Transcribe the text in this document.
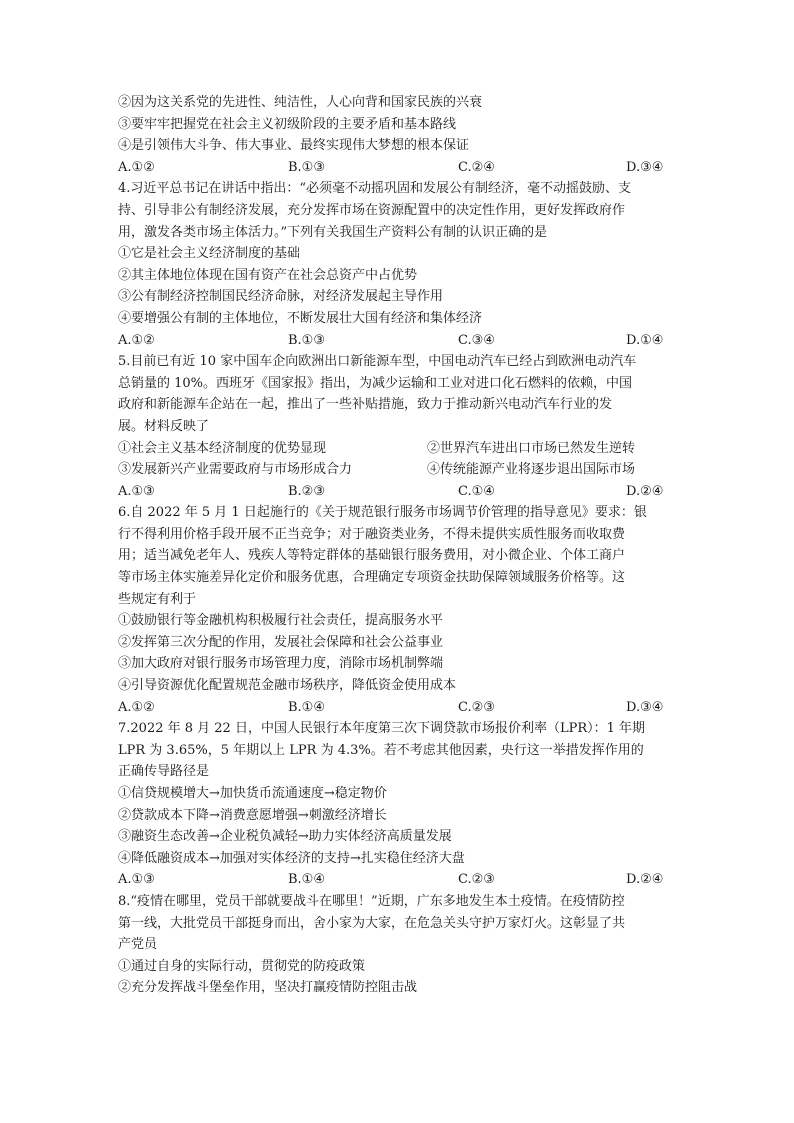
②因为这关系党的先进性、纯洁性，人心向背和国家民族的兴衰
③要牢牢把握党在社会主义初级阶段的主要矛盾和基本路线
④是引领伟大斗争、伟大事业、最终实现伟大梦想的根本保证
A.①②	B.①③	C.②④	D.③④
4.习近平总书记在讲话中指出：“必须毫不动摇巩固和发展公有制经济，毫不动摇鼓励、支
持、引导非公有制经济发展，充分发挥市场在资源配置中的决定性作用，更好发挥政府作
用，激发各类市场主体活力。”下列有关我国生产资料公有制的认识正确的是
①它是社会主义经济制度的基础
②其主体地位体现在国有资产在社会总资产中占优势
③公有制经济控制国民经济命脉，对经济发展起主导作用
④要增强公有制的主体地位，不断发展壮大国有经济和集体经济
A.①②	B.①③	C.③④	D.①④
5.目前已有近 10 家中国车企向欧洲出口新能源车型，中国电动汽车已经占到欧洲电动汽车
总销量的 10%。西班牙《国家报》指出，为减少运输和工业对进口化石燃料的依赖，中国
政府和新能源车企站在一起，推出了一些补贴措施，致力于推动新兴电动汽车行业的发
展。材料反映了
①社会主义基本经济制度的优势显现	②世界汽车进出口市场已然发生逆转
③发展新兴产业需要政府与市场形成合力	④传统能源产业将逐步退出国际市场
A.①③	B.②③	C.①④	D.②④
6.自 2022 年 5 月 1 日起施行的《关于规范银行服务市场调节价管理的指导意见》要求：银
行不得利用价格手段开展不正当竞争；对于融资类业务，不得未提供实质性服务而收取费
用；适当减免老年人、残疾人等特定群体的基础银行服务费用，对小微企业、个体工商户
等市场主体实施差异化定价和服务优惠，合理确定专项资金扶助保障领域服务价格等。这
些规定有利于
①鼓励银行等金融机构积极履行社会责任，提高服务水平
②发挥第三次分配的作用，发展社会保障和社会公益事业
③加大政府对银行服务市场管理力度，消除市场机制弊端
④引导资源优化配置规范金融市场秩序，降低资金使用成本
A.①②	B.①④	C.②③	D.③④
7.2022 年 8 月 22 日，中国人民银行本年度第三次下调贷款市场报价利率（LPR）：1 年期
LPR 为 3.65%，5 年期以上 LPR 为 4.3%。若不考虑其他因素，央行这一举措发挥作用的
正确传导路径是
①信贷规模增大→加快货币流通速度→稳定物价
②贷款成本下降→消费意愿增强→刺激经济增长
③融资生态改善→企业税负减轻→助力实体经济高质量发展
④降低融资成本→加强对实体经济的支持→扎实稳住经济大盘
A.①③	B.①④	C.②③	D.②④
8.“疫情在哪里，党员干部就要战斗在哪里！”近期，广东多地发生本土疫情。在疫情防控
第一线，大批党员干部挺身而出，舍小家为大家，在危急关头守护万家灯火。这彰显了共
产党员
①通过自身的实际行动，贯彻党的防疫政策
②充分发挥战斗堡垒作用，坚决打赢疫情防控阻击战
